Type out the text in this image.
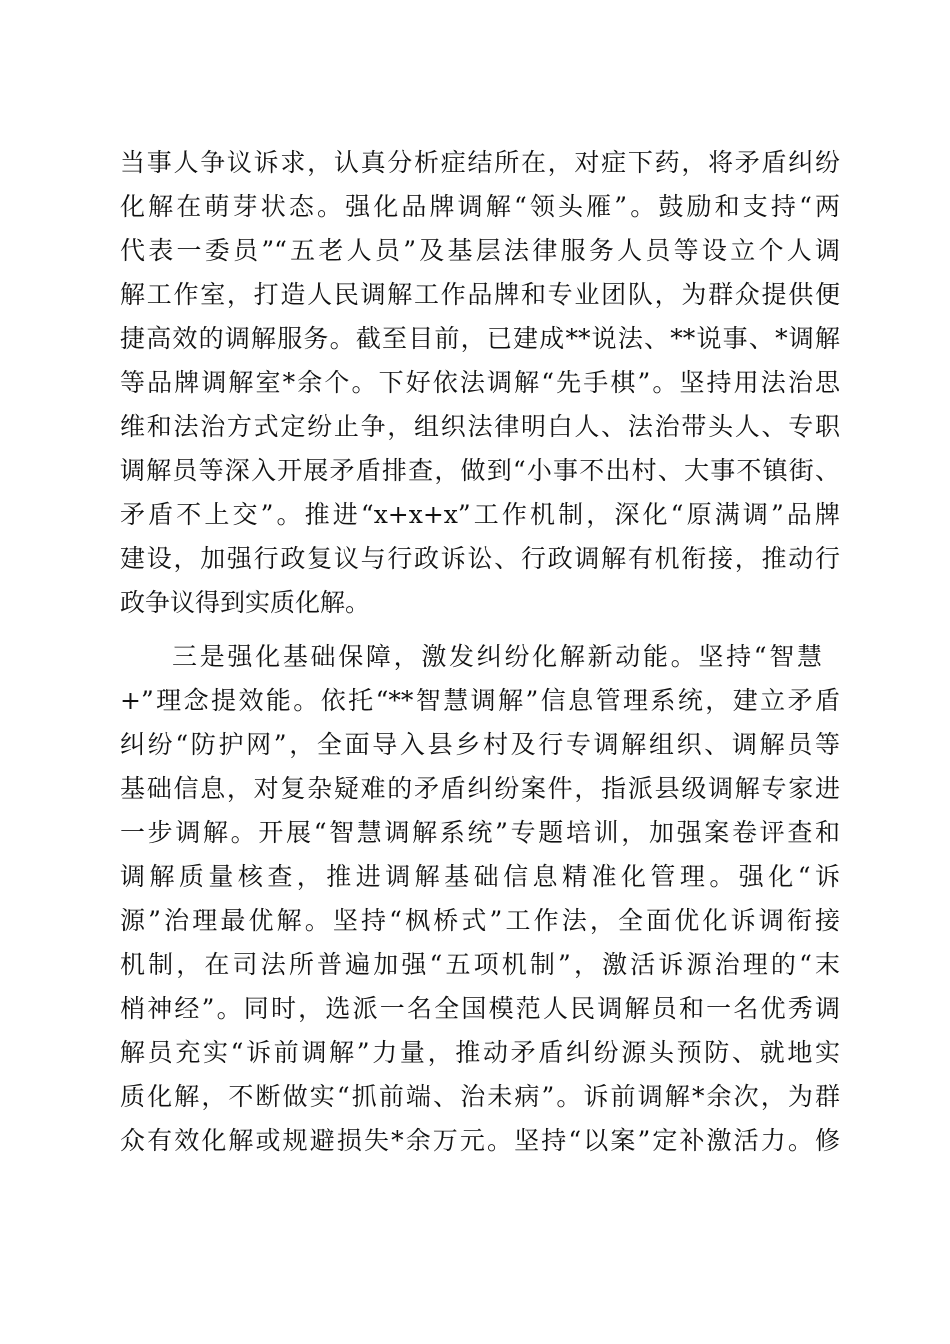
当事人争议诉求，认真分析症结所在，对症下药，将矛盾纠纷
化解在萌芽状态。强化品牌调解“领头雁”。鼓励和支持“两
代表一委员”“五老人员”及基层法律服务人员等设立个人调
解工作室，打造人民调解工作品牌和专业团队，为群众提供便
捷高效的调解服务。截至目前，已建成**说法、**说事、*调解
等品牌调解室*余个。下好依法调解“先手棋”。坚持用法治思
维和法治方式定纷止争，组织法律明白人、法治带头人、专职
调解员等深入开展矛盾排查，做到“小事不出村、大事不镇街、
矛盾不上交”。推进“x+x+x”工作机制，深化“原满调”品牌
建设，加强行政复议与行政诉讼、行政调解有机衔接，推动行
政争议得到实质化解。
三是强化基础保障，激发纠纷化解新动能。坚持“智慧
+”理念提效能。依托“**智慧调解”信息管理系统，建立矛盾
纠纷“防护网”，全面导入县乡村及行专调解组织、调解员等
基础信息，对复杂疑难的矛盾纠纷案件，指派县级调解专家进
一步调解。开展“智慧调解系统”专题培训，加强案卷评查和
调解质量核查，推进调解基础信息精准化管理。强化“诉
源”治理最优解。坚持“枫桥式”工作法，全面优化诉调衔接
机制，在司法所普遍加强“五项机制”，激活诉源治理的“末
梢神经”。同时，选派一名全国模范人民调解员和一名优秀调
解员充实“诉前调解”力量，推动矛盾纠纷源头预防、就地实
质化解，不断做实“抓前端、治未病”。诉前调解*余次，为群
众有效化解或规避损失*余万元。坚持“以案”定补激活力。修
